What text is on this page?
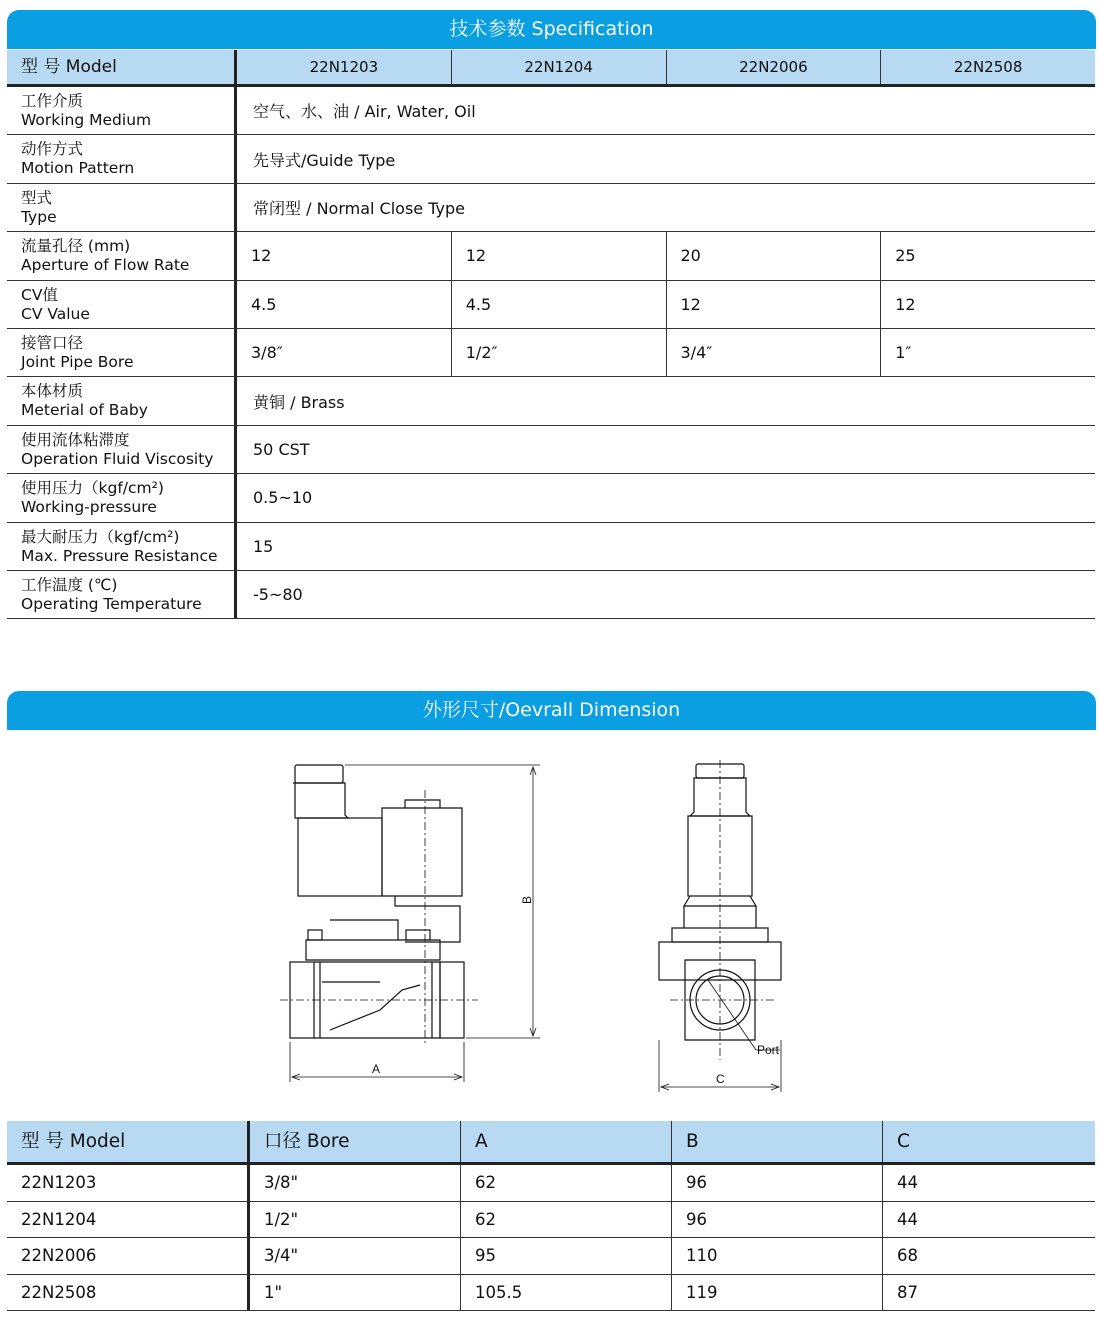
技术参数 Specification
型 号 Model	22N1203	22N1204	22N2006	22N2508
工作介质
Working Medium	空气、水、油 / Air, Water, Oil
动作方式
Motion Pattern	先导式/Guide Type
型式
Type	常闭型 / Normal Close Type
流量孔径 (mm)
Aperture of Flow Rate	12	12	20	25
CV值
CV Value	4.5	4.5	12	12
接管口径
Joint Pipe Bore	3/8″	1/2″	3/4″	1″
本体材质
Meterial of Baby	黄铜 / Brass
使用流体粘滞度
Operation Fluid Viscosity	50 CST
使用压力（kgf/cm²)
Working-pressure	0.5~10
最大耐压力（kgf/cm²)
Max. Pressure Resistance	15
工作温度 (℃)
Operating Temperature	-5~80
外形尺寸/Oevrall Dimension
A
B
C
Port
型 号 Model	口径 Bore	A	B	C
22N1203	3/8"	62	96	44
22N1204	1/2"	62	96	44
22N2006	3/4"	95	110	68
22N2508	1"	105.5	119	87
